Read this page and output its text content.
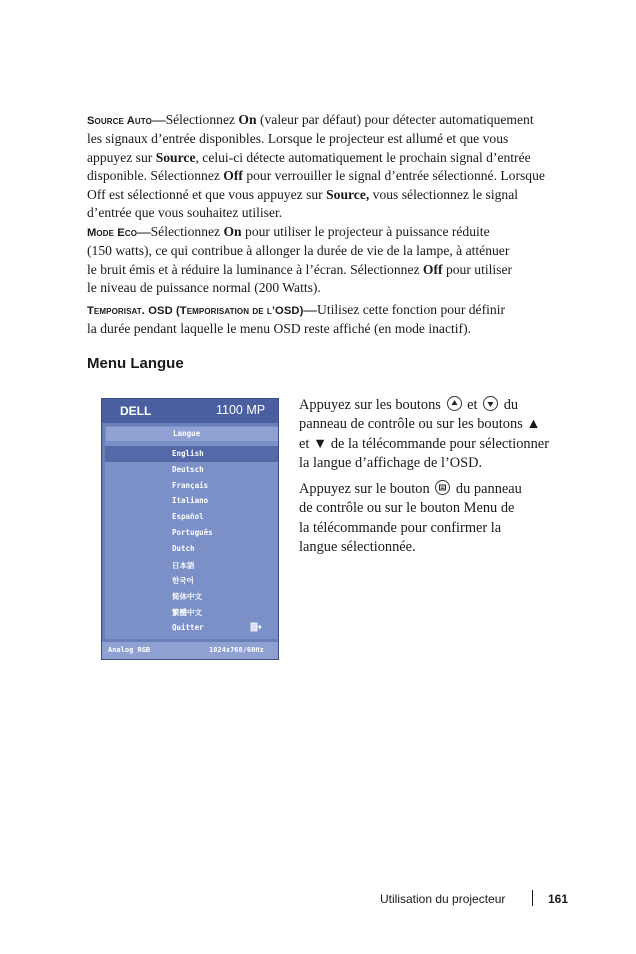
Source Auto—Sélectionnez On (valeur par défaut) pour détecter automatiquement
les signaux d’entrée disponibles. Lorsque le projecteur est allumé et que vous
appuyez sur Source, celui-ci détecte automatiquement le prochain signal d’entrée
disponible. Sélectionnez Off pour verrouiller le signal d’entrée sélectionné. Lorsque
Off est sélectionné et que vous appuyez sur Source, vous sélectionnez le signal
d’entrée que vous souhaitez utiliser.
Mode Eco—Sélectionnez On pour utiliser le projecteur à puissance réduite
(150 watts), ce qui contribue à allonger la durée de vie de la lampe, à atténuer
le bruit émis et à réduire la luminance à l’écran. Sélectionnez Off pour utiliser
le niveau de puissance normal (200 Watts).
Temporisat. OSD (Temporisation de l’OSD)—Utilisez cette fonction pour définir
la durée pendant laquelle le menu OSD reste affiché (en mode inactif).
Menu Langue
DELL	1100 MP
Langue
English
Deutsch
Français
Italiano
Español
Português
Dutch
日本語
한국어
简体中文
繁體中文
Quitter
Analog RGB	1024x768/60Hz
Appuyez sur les boutons et du
panneau de contrôle ou sur les boutons ▲
et ▼ de la télécommande pour sélectionner
la langue d’affichage de l’OSD.
Appuyez sur le bouton du panneau
de contrôle ou sur le bouton Menu de
la télécommande pour confirmer la
langue sélectionnée.
Utilisation du projecteur	161
